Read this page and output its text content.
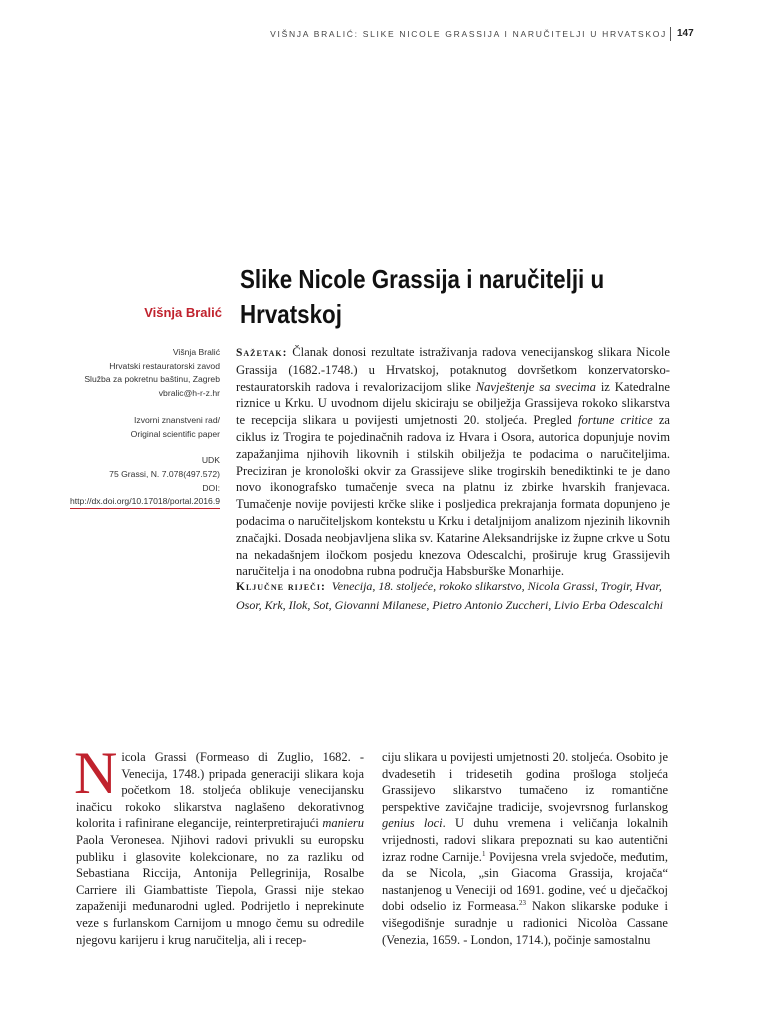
VIŠNJA BRALIĆ: SLIKE NICOLE GRASSIJA I NARUČITELJI U HRVATSKOJ 147
Slike Nicole Grassija i naručitelji u Hrvatskoj
Višnja Bralić
Višnja Bralić
Hrvatski restauratorski zavod
Služba za pokretnu baštinu, Zagreb
vbralic@h-r-z.hr
Izvorni znanstveni rad/
Original scientific paper
UDK
75 Grassi, N. 7.078(497.572)
DOI:
http://dx.doi.org/10.17018/portal.2016.9
Sažetak: Članak donosi rezultate istraživanja radova venecijanskog slikara Nicole Grassija (1682.-1748.) u Hrvatskoj, potaknutog dovršetkom konzervatorsko-restauratorskih radova i revalorizacijom slike Navještenje sa svecima iz Katedralne riznice u Krku. U uvodnom dijelu skiciraju se obilježja Grassijeva rokoko slikarstva te recepcija slikara u povijesti umjetnosti 20. stoljeća. Pregled fortune critice za ciklus iz Trogira te pojedinačnih radova iz Hvara i Osora, autorica dopunjuje novim zapažanjima njihovih likovnih i stilskih obilježja te podacima o naručiteljima. Preciziran je kronološki okvir za Grassijeve slike trogirskih benediktinki te je dano novo ikonografsko tumačenje sveca na platnu iz zbirke hvarskih franjevaca. Tumačenje novije povijesti krčke slike i posljedica prekrajanja formata dopunjeno je podacima o naručiteljskom kontekstu u Krku i detaljnijom analizom njezinih likovnih značajki. Dosada neobjavljena slika sv. Katarine Aleksandrijske iz župne crkve u Sotu na nekadašnjem iločkom posjedu knezova Odescalchi, proširuje krug Grassijevih naručitelja i na onodobna rubna područja Habsburške Monarhije.
Ključne riječi: Venecija, 18. stoljeće, rokoko slikarstvo, Nicola Grassi, Trogir, Hvar, Osor, Krk, Ilok, Sot, Giovanni Milanese, Pietro Antonio Zuccheri, Livio Erba Odescalchi

Nicola Grassi (Formeaso di Zuglio, 1682. - Venecija, 1748.) pripada generaciji slikara koja početkom 18. stoljeća oblikuje venecijansku inačicu rokoko slikarstva naglašeno dekorativnog kolorita i rafinirane elegancije, reinterpretirajući manieru Paola Veronesea. Njihovi radovi privukli su europsku publiku i glasovite kolekcionare, no za razliku od Sebastiana Riccija, Antonija Pellegrinija, Rosalbe Carriere ili Giambattiste Tiepola, Grassi nije stekao zapaženiji međunarodni ugled. Podrijetlo i neprekinute veze s furlanskom Carnijom u mnogo čemu su odredile njegovu karijeru i krug naručitelja, ali i recep-

ciju slikara u povijesti umjetnosti 20. stoljeća. Osobito je dvadesetih i tridesetih godina prošloga stoljeća Grassijevo slikarstvo tumačeno iz romantične perspektive zavičajne tradicije, svojevrsnog furlanskog genius loci. U duhu vremena i veličanja lokalnih vrijednosti, radovi slikara prepoznati su kao autentični izraz rodne Carnije.$^1$ Povijesna vrela svjedoče, međutim, da se Nicola, „sin Giacoma Grassija, krojača“ nastanjenog u Veneciji od 1691. godine, već u dječačkoj dobi odselio iz Formeasa.$^{23}$ Nakon slikarske poduke i višegodišnje suradnje u radionici Nicolòa Cassane (Venezia, 1659. - London, 1714.), počinje samostalnu
